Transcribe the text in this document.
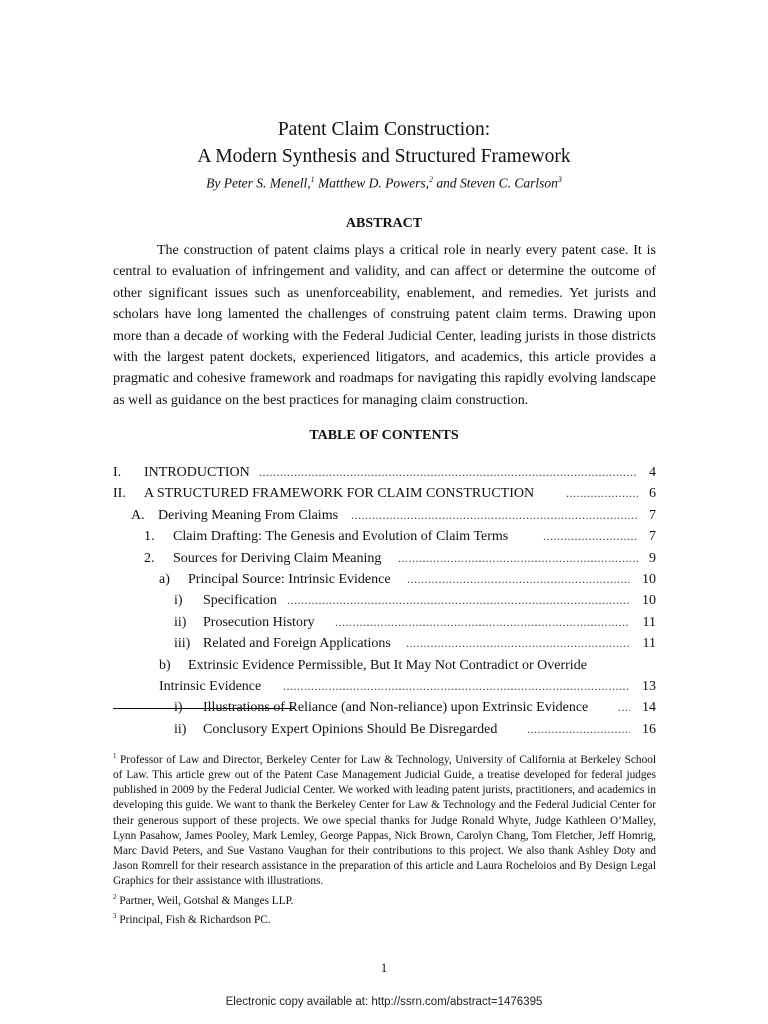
Patent Claim Construction:
A Modern Synthesis and Structured Framework
By Peter S. Menell,$^1$ Matthew D. Powers,$^2$ and Steven C. Carlson$^3$
ABSTRACT

The construction of patent claims plays a critical role in nearly every patent case. It is central to evaluation of infringement and validity, and can affect or determine the outcome of other significant issues such as unenforceability, enablement, and remedies. Yet jurists and scholars have long lamented the challenges of construing patent claim terms. Drawing upon more than a decade of working with the Federal Judicial Center, leading jurists in those districts with the largest patent dockets, experienced litigators, and academics, this article provides a pragmatic and cohesive framework and roadmaps for navigating this rapidly evolving landscape as well as guidance on the best practices for managing claim construction.

TABLE OF CONTENTS
I. INTRODUCTION .....	4
II. A STRUCTURED FRAMEWORK FOR CLAIM CONSTRUCTION .....	6
A. Deriving Meaning From Claims .....	7
1. Claim Drafting: The Genesis and Evolution of Claim Terms .....	7
2. Sources for Deriving Claim Meaning .....	9
a) Principal Source: Intrinsic Evidence .....	10
i) Specification .....	10
ii) Prosecution History .....	11
iii) Related and Foreign Applications .....	11
b) Extrinsic Evidence Permissible, But It May Not Contradict or Override
Intrinsic Evidence .....	13
i) Illustrations of Reliance (and Non-reliance) upon Extrinsic Evidence .....	14
ii) Conclusory Expert Opinions Should Be Disregarded .....	16

$^1$ Professor of Law and Director, Berkeley Center for Law & Technology, University of California at Berkeley School of Law. This article grew out of the Patent Case Management Judicial Guide, a treatise developed for federal judges published in 2009 by the Federal Judicial Center. We worked with leading patent jurists, practitioners, and academics in developing this guide. We want to thank the Berkeley Center for Law & Technology and the Federal Judicial Center for their generous support of these projects. We owe special thanks for Judge Ronald Whyte, Judge Kathleen O’Malley, Lynn Pasahow, James Pooley, Mark Lemley, George Pappas, Nick Brown, Carolyn Chang, Tom Fletcher, Jeff Homrig, Marc David Peters, and Sue Vastano Vaughan for their contributions to this project. We also thank Ashley Doty and Jason Romrell for their research assistance in the preparation of this article and Laura Rocheloios and By Design Legal Graphics for their assistance with illustrations.

$^2$ Partner, Weil, Gotshal & Manges LLP.

$^3$ Principal, Fish & Richardson PC.

1
Electronic copy available at: http://ssrn.com/abstract=1476395
